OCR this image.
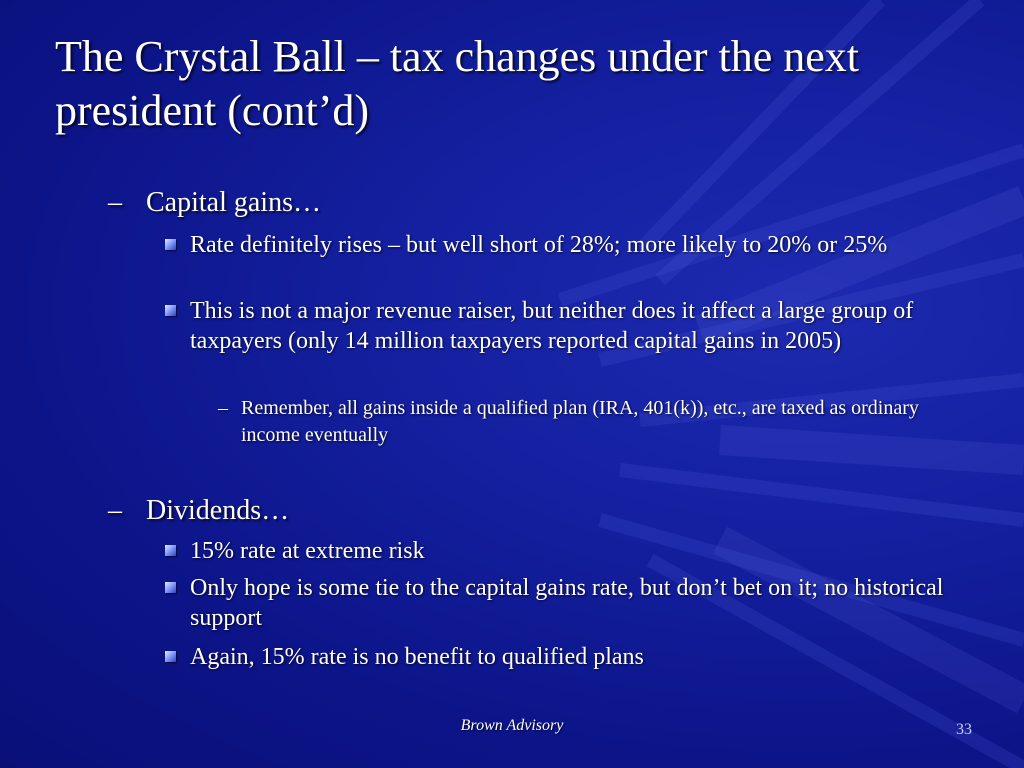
The Crystal Ball – tax changes under the next president (cont’d)
– Capital gains…
Rate definitely rises – but well short of 28%; more likely to 20% or 25%
This is not a major revenue raiser, but neither does it affect a large group of taxpayers (only 14 million taxpayers reported capital gains in 2005)
– Remember, all gains inside a qualified plan (IRA, 401(k)), etc., are taxed as ordinary income eventually
– Dividends…
15% rate at extreme risk
Only hope is some tie to the capital gains rate, but don’t bet on it; no historical support
Again, 15% rate is no benefit to qualified plans
Brown Advisory	33
